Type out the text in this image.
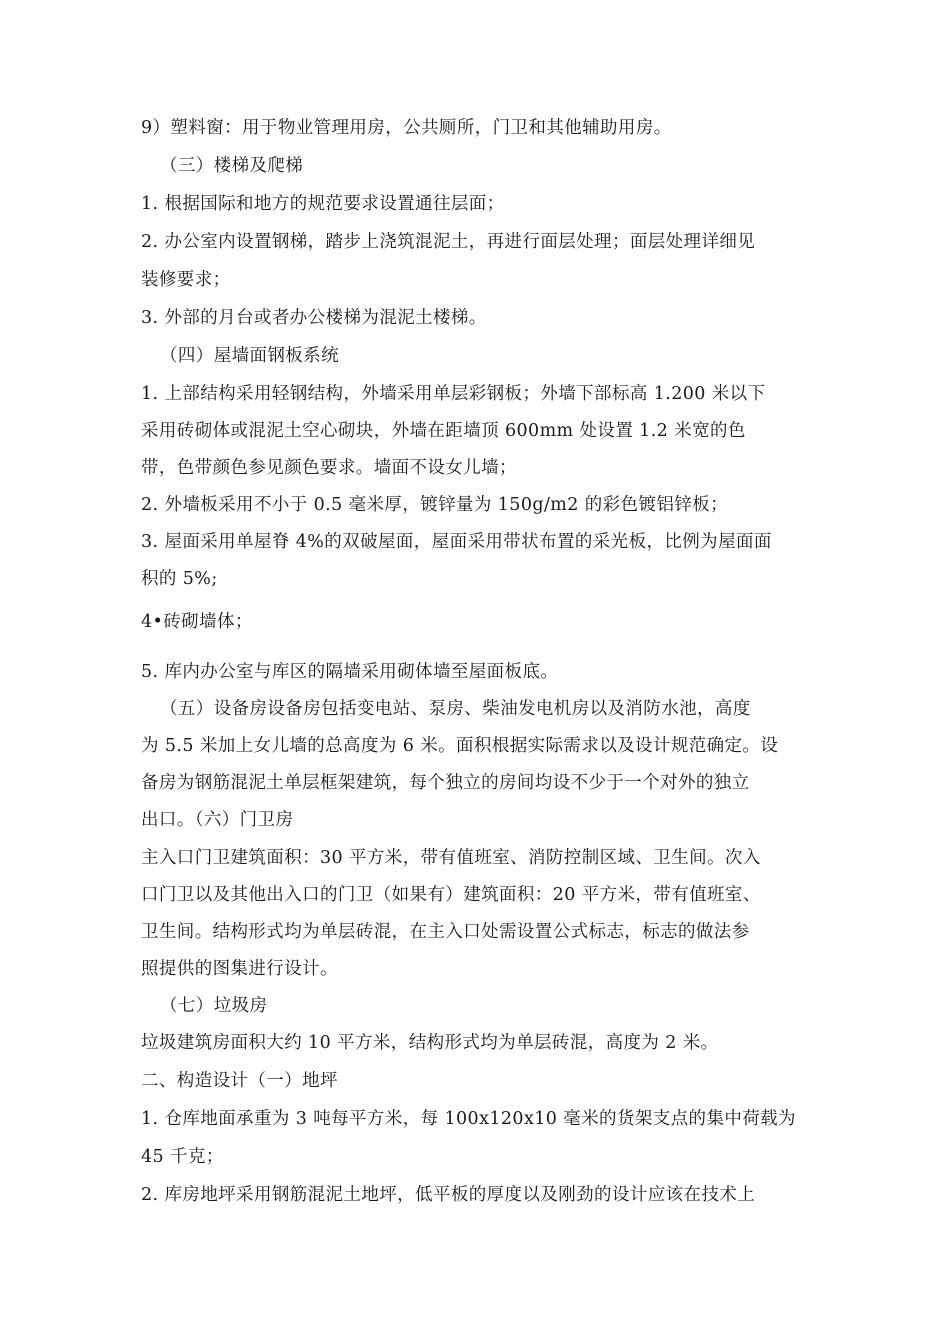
9）塑料窗：用于物业管理用房，公共厕所，门卫和其他辅助用房。
（三）楼梯及爬梯
1. 根据国际和地方的规范要求设置通往层面；
2. 办公室内设置钢梯，踏步上浇筑混泥土，再进行面层处理；面层处理详细见
装修要求；
3. 外部的月台或者办公楼梯为混泥土楼梯。
（四）屋墙面钢板系统
1. 上部结构采用轻钢结构，外墙采用单层彩钢板；外墙下部标高 1.200 米以下
采用砖砌体或混泥土空心砌块，外墙在距墙顶 600mm 处设置 1.2 米宽的色
带，色带颜色参见颜色要求。墙面不设女儿墙；
2. 外墙板采用不小于 0.5 毫米厚，镀锌量为 150g/m2 的彩色镀铝锌板；
3. 屋面采用单屋脊 4%的双破屋面，屋面采用带状布置的采光板，比例为屋面面
积的 5%;
4•砖砌墙体；
5. 库内办公室与库区的隔墙采用砌体墙至屋面板底。
（五）设备房设备房包括变电站、泵房、柴油发电机房以及消防水池，高度
为 5.5 米加上女儿墙的总高度为 6 米。面积根据实际需求以及设计规范确定。设
备房为钢筋混泥土单层框架建筑，每个独立的房间均设不少于一个对外的独立
出口。（六）门卫房
主入口门卫建筑面积：30 平方米，带有值班室、消防控制区域、卫生间。次入
口门卫以及其他出入口的门卫（如果有）建筑面积：20 平方米，带有值班室、
卫生间。结构形式均为单层砖混，在主入口处需设置公式标志，标志的做法参
照提供的图集进行设计。
（七）垃圾房
垃圾建筑房面积大约 10 平方米，结构形式均为单层砖混，高度为 2 米。
二、构造设计（一）地坪
1. 仓库地面承重为 3 吨每平方米，每 100x120x10 毫米的货架支点的集中荷载为
45 千克；
2. 库房地坪采用钢筋混泥土地坪，低平板的厚度以及刚劲的设计应该在技术上
